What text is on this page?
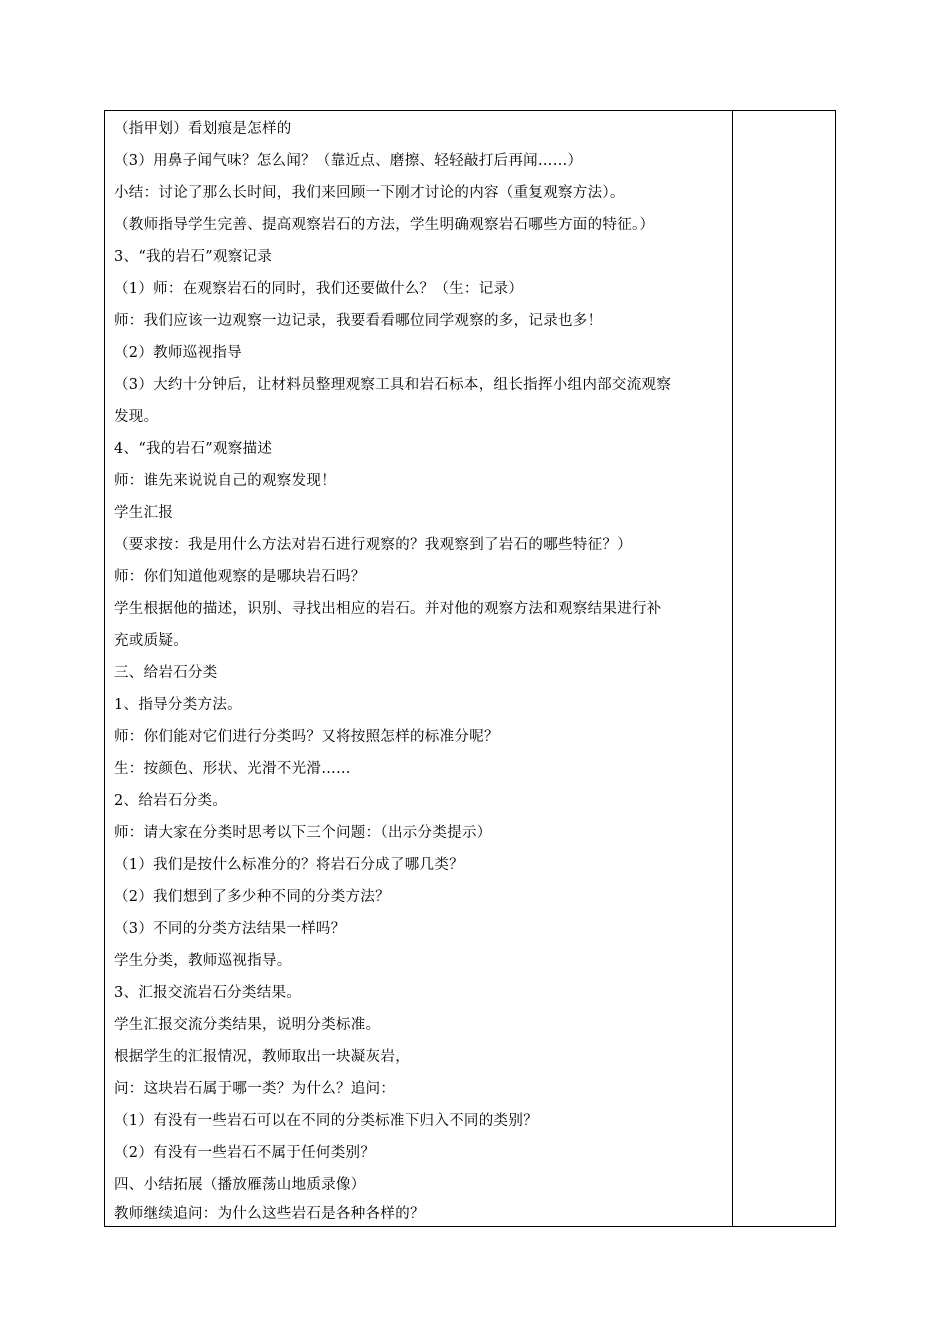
（指甲划）看划痕是怎样的
（3）用鼻子闻气味？怎么闻？（靠近点、磨擦、轻轻敲打后再闻……）
小结：讨论了那么长时间，我们来回顾一下刚才讨论的内容（重复观察方法）。
（教师指导学生完善、提高观察岩石的方法，学生明确观察岩石哪些方面的特征。）
3、“我的岩石”观察记录
（1）师：在观察岩石的同时，我们还要做什么？（生：记录）
师：我们应该一边观察一边记录，我要看看哪位同学观察的多，记录也多！
（2）教师巡视指导
（3）大约十分钟后，让材料员整理观察工具和岩石标本，组长指挥小组内部交流观察
发现。
4、“我的岩石”观察描述
师：谁先来说说自己的观察发现！
学生汇报
（要求按：我是用什么方法对岩石进行观察的？我观察到了岩石的哪些特征？）
师：你们知道他观察的是哪块岩石吗？
学生根据他的描述，识别、寻找出相应的岩石。并对他的观察方法和观察结果进行补
充或质疑。
三、给岩石分类
1、指导分类方法。
师：你们能对它们进行分类吗？又将按照怎样的标准分呢？
生：按颜色、形状、光滑不光滑……
2、给岩石分类。
师：请大家在分类时思考以下三个问题：（出示分类提示）
（1）我们是按什么标准分的？将岩石分成了哪几类？
（2）我们想到了多少种不同的分类方法？
（3）不同的分类方法结果一样吗？
学生分类，教师巡视指导。
3、汇报交流岩石分类结果。
学生汇报交流分类结果，说明分类标准。
根据学生的汇报情况，教师取出一块凝灰岩，
问：这块岩石属于哪一类？为什么？追问：
（1）有没有一些岩石可以在不同的分类标准下归入不同的类别？
（2）有没有一些岩石不属于任何类别？
四、小结拓展（播放雁荡山地质录像）
教师继续追问：为什么这些岩石是各种各样的？
